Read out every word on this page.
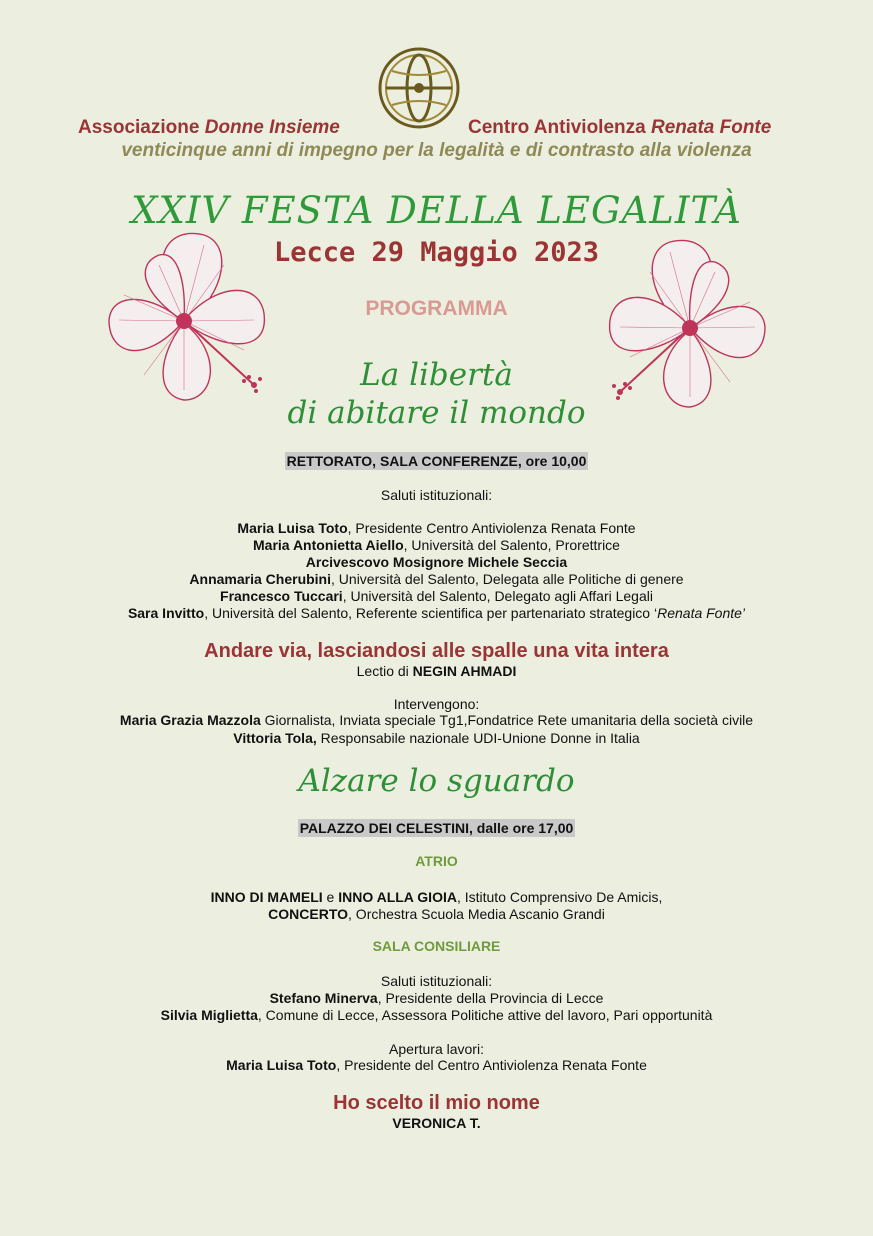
Associazione Donne Insieme	Centro Antiviolenza Renata Fonte
venticinque anni di impegno per la legalità e di contrasto alla violenza
XXIV FESTA DELLA LEGALITÀ
Lecce 29 Maggio 2023
PROGRAMMA
La libertà
di abitare il mondo
RETTORATO, SALA CONFERENZE, ore 10,00
Saluti istituzionali:
Maria Luisa Toto, Presidente Centro Antiviolenza Renata Fonte
Maria Antonietta Aiello, Università del Salento, Prorettrice
Arcivescovo Mosignore Michele Seccia
Annamaria Cherubini, Università del Salento, Delegata alle Politiche di genere
Francesco Tuccari, Università del Salento, Delegato agli Affari Legali
Sara Invitto, Università del Salento, Referente scientifica per partenariato strategico ‘Renata Fonte’
Andare via, lasciandosi alle spalle una vita intera
Lectio di NEGIN AHMADI
Intervengono:
Maria Grazia Mazzola Giornalista, Inviata speciale Tg1,Fondatrice Rete umanitaria della società civile
Vittoria Tola, Responsabile nazionale UDI-Unione Donne in Italia
Alzare lo sguardo
PALAZZO DEI CELESTINI, dalle ore 17,00
ATRIO
INNO DI MAMELI e INNO ALLA GIOIA, Istituto Comprensivo De Amicis,
CONCERTO, Orchestra Scuola Media Ascanio Grandi
SALA CONSILIARE
Saluti istituzionali:
Stefano Minerva, Presidente della Provincia di Lecce
Silvia Miglietta, Comune di Lecce, Assessora Politiche attive del lavoro, Pari opportunità
Apertura lavori:
Maria Luisa Toto, Presidente del Centro Antiviolenza Renata Fonte
Ho scelto il mio nome
VERONICA T.
